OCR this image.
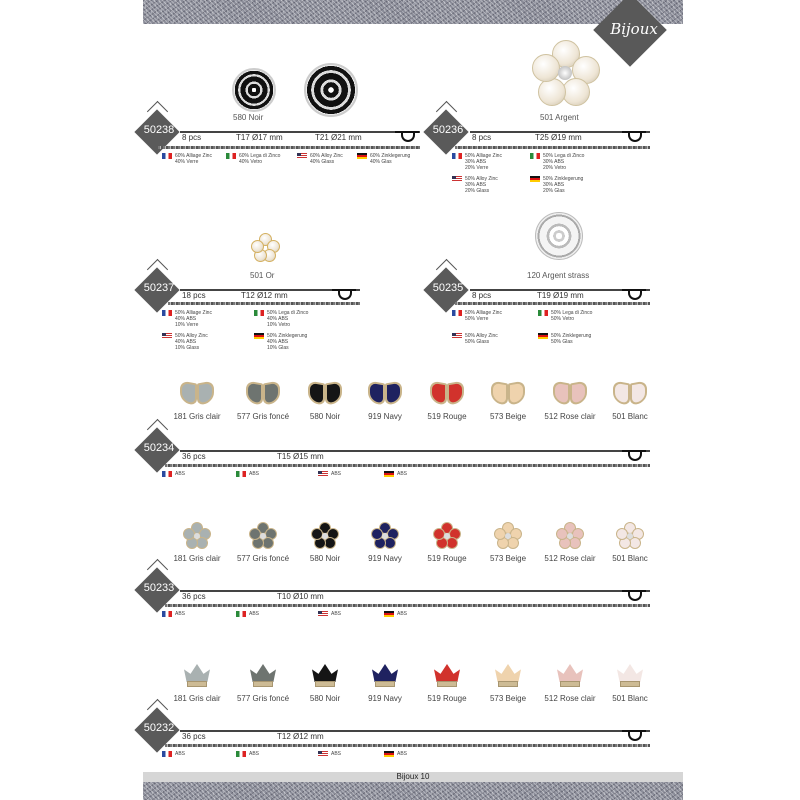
Bijoux
Bijoux 10
580 Noir
50238
8 pcs	T17 Ø17 mm	T21 Ø21 mm
60% Alliage Zinc
40% Verre
60% Lega di Zinco
40% Vetro
60% Alloy Zinc
40% Glass
60% Zinklegerung
40% Glas
501 Argent
50236
8 pcs	T25 Ø19 mm
50% Alliage Zinc
30% ABS
20% Verre
50% Lega di Zinco
30% ABS
20% Vetro
50% Alloy Zinc
30% ABS
20% Glass
50% Zinklegerung
30% ABS
20% Glas
501 Or
50237
18 pcs	T12 Ø12 mm
50% Alliage Zinc
40% ABS
10% Verre
50% Lega di Zinco
40% ABS
10% Vetro
50% Alloy Zinc
40% ABS
10% Glass
50% Zinklegerung
40% ABS
10% Glas
120 Argent strass
50235
8 pcs	T19 Ø19 mm
50% Alliage Zinc
50% Verre
50% Lega di Zinco
50% Vetro
50% Alloy Zinc
50% Glass
50% Zinklegerung
50% Glas
181 Gris clair	577 Gris foncé	580 Noir	919 Navy	519 Rouge	573 Beige	512 Rose clair	501 Blanc
50234
36 pcs	T15 Ø15 mm
ABS	ABS	ABS	ABS
181 Gris clair	577 Gris foncé	580 Noir	919 Navy	519 Rouge	573 Beige	512 Rose clair	501 Blanc
50233
36 pcs	T10 Ø10 mm
ABS	ABS	ABS	ABS
181 Gris clair	577 Gris foncé	580 Noir	919 Navy	519 Rouge	573 Beige	512 Rose clair	501 Blanc
50232
36 pcs	T12 Ø12 mm
ABS	ABS	ABS	ABS
